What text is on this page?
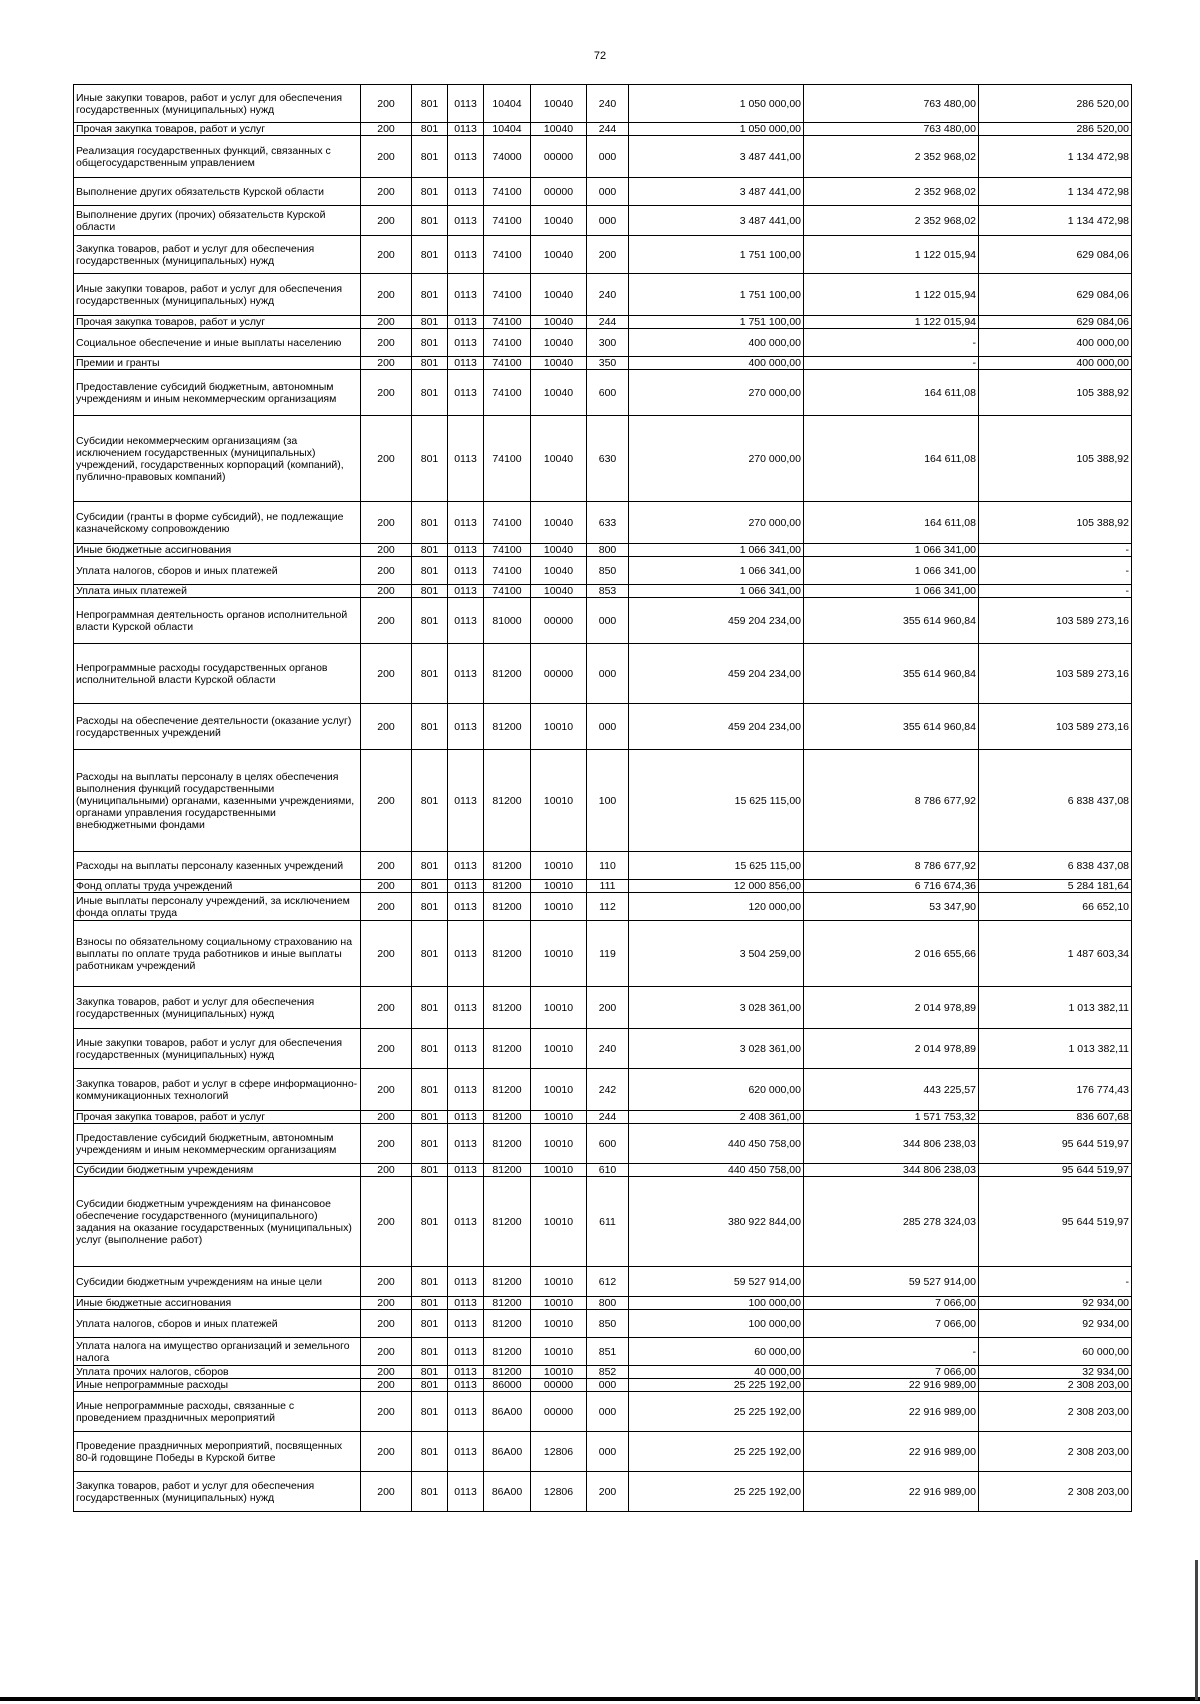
72
Иные закупки товаров, работ и услуг для обеспечения государственных (муниципальных) нужд	200	801	0113	10404	10040	240	1 050 000,00	763 480,00	286 520,00
Прочая закупка товаров, работ и услуг	200	801	0113	10404	10040	244	1 050 000,00	763 480,00	286 520,00
Реализация государственных функций, связанных с общегосударственным управлением	200	801	0113	74000	00000	000	3 487 441,00	2 352 968,02	1 134 472,98
Выполнение других обязательств Курской области	200	801	0113	74100	00000	000	3 487 441,00	2 352 968,02	1 134 472,98
Выполнение других (прочих) обязательств Курской области	200	801	0113	74100	10040	000	3 487 441,00	2 352 968,02	1 134 472,98
Закупка товаров, работ и услуг для обеспечения государственных (муниципальных) нужд	200	801	0113	74100	10040	200	1 751 100,00	1 122 015,94	629 084,06
Иные закупки товаров, работ и услуг для обеспечения государственных (муниципальных) нужд	200	801	0113	74100	10040	240	1 751 100,00	1 122 015,94	629 084,06
Прочая закупка товаров, работ и услуг	200	801	0113	74100	10040	244	1 751 100,00	1 122 015,94	629 084,06
Социальное обеспечение и иные выплаты населению	200	801	0113	74100	10040	300	400 000,00	-	400 000,00
Премии и гранты	200	801	0113	74100	10040	350	400 000,00	-	400 000,00
Предоставление субсидий бюджетным, автономным учреждениям и иным некоммерческим организациям	200	801	0113	74100	10040	600	270 000,00	164 611,08	105 388,92
Субсидии некоммерческим организациям (за исключением государственных (муниципальных) учреждений, государственных корпораций (компаний), публично-правовых компаний)	200	801	0113	74100	10040	630	270 000,00	164 611,08	105 388,92
Субсидии (гранты в форме субсидий), не подлежащие казначейскому сопровождению	200	801	0113	74100	10040	633	270 000,00	164 611,08	105 388,92
Иные бюджетные ассигнования	200	801	0113	74100	10040	800	1 066 341,00	1 066 341,00	-
Уплата налогов, сборов и иных платежей	200	801	0113	74100	10040	850	1 066 341,00	1 066 341,00	-
Уплата иных платежей	200	801	0113	74100	10040	853	1 066 341,00	1 066 341,00	-
Непрограммная деятельность органов исполнительной власти Курской области	200	801	0113	81000	00000	000	459 204 234,00	355 614 960,84	103 589 273,16
Непрограммные расходы государственных органов исполнительной власти Курской области	200	801	0113	81200	00000	000	459 204 234,00	355 614 960,84	103 589 273,16
Расходы на обеспечение деятельности (оказание услуг) государственных учреждений	200	801	0113	81200	10010	000	459 204 234,00	355 614 960,84	103 589 273,16
Расходы на выплаты персоналу в целях обеспечения выполнения функций государственными (муниципальными) органами, казенными учреждениями, органами управления государственными внебюджетными фондами	200	801	0113	81200	10010	100	15 625 115,00	8 786 677,92	6 838 437,08
Расходы на выплаты персоналу казенных учреждений	200	801	0113	81200	10010	110	15 625 115,00	8 786 677,92	6 838 437,08
Фонд оплаты труда учреждений	200	801	0113	81200	10010	111	12 000 856,00	6 716 674,36	5 284 181,64
Иные выплаты персоналу учреждений, за исключением фонда оплаты труда	200	801	0113	81200	10010	112	120 000,00	53 347,90	66 652,10
Взносы по обязательному социальному страхованию на выплаты по оплате труда работников и иные выплаты работникам учреждений	200	801	0113	81200	10010	119	3 504 259,00	2 016 655,66	1 487 603,34
Закупка товаров, работ и услуг для обеспечения государственных (муниципальных) нужд	200	801	0113	81200	10010	200	3 028 361,00	2 014 978,89	1 013 382,11
Иные закупки товаров, работ и услуг для обеспечения государственных (муниципальных) нужд	200	801	0113	81200	10010	240	3 028 361,00	2 014 978,89	1 013 382,11
Закупка товаров, работ и услуг в сфере информационно-коммуникационных технологий	200	801	0113	81200	10010	242	620 000,00	443 225,57	176 774,43
Прочая закупка товаров, работ и услуг	200	801	0113	81200	10010	244	2 408 361,00	1 571 753,32	836 607,68
Предоставление субсидий бюджетным, автономным учреждениям и иным некоммерческим организациям	200	801	0113	81200	10010	600	440 450 758,00	344 806 238,03	95 644 519,97
Субсидии бюджетным учреждениям	200	801	0113	81200	10010	610	440 450 758,00	344 806 238,03	95 644 519,97
Субсидии бюджетным учреждениям на финансовое обеспечение государственного (муниципального) задания на оказание государственных (муниципальных) услуг (выполнение работ)	200	801	0113	81200	10010	611	380 922 844,00	285 278 324,03	95 644 519,97
Субсидии бюджетным учреждениям на иные цели	200	801	0113	81200	10010	612	59 527 914,00	59 527 914,00	-
Иные бюджетные ассигнования	200	801	0113	81200	10010	800	100 000,00	7 066,00	92 934,00
Уплата налогов, сборов и иных платежей	200	801	0113	81200	10010	850	100 000,00	7 066,00	92 934,00
Уплата налога на имущество организаций и земельного налога	200	801	0113	81200	10010	851	60 000,00	-	60 000,00
Уплата прочих налогов, сборов	200	801	0113	81200	10010	852	40 000,00	7 066,00	32 934,00
Иные непрограммные расходы	200	801	0113	86000	00000	000	25 225 192,00	22 916 989,00	2 308 203,00
Иные непрограммные расходы, связанные с проведением праздничных мероприятий	200	801	0113	86А00	00000	000	25 225 192,00	22 916 989,00	2 308 203,00
Проведение праздничных мероприятий, посвященных 80-й годовщине Победы в Курской битве	200	801	0113	86А00	12806	000	25 225 192,00	22 916 989,00	2 308 203,00
Закупка товаров, работ и услуг для обеспечения государственных (муниципальных) нужд	200	801	0113	86А00	12806	200	25 225 192,00	22 916 989,00	2 308 203,00
